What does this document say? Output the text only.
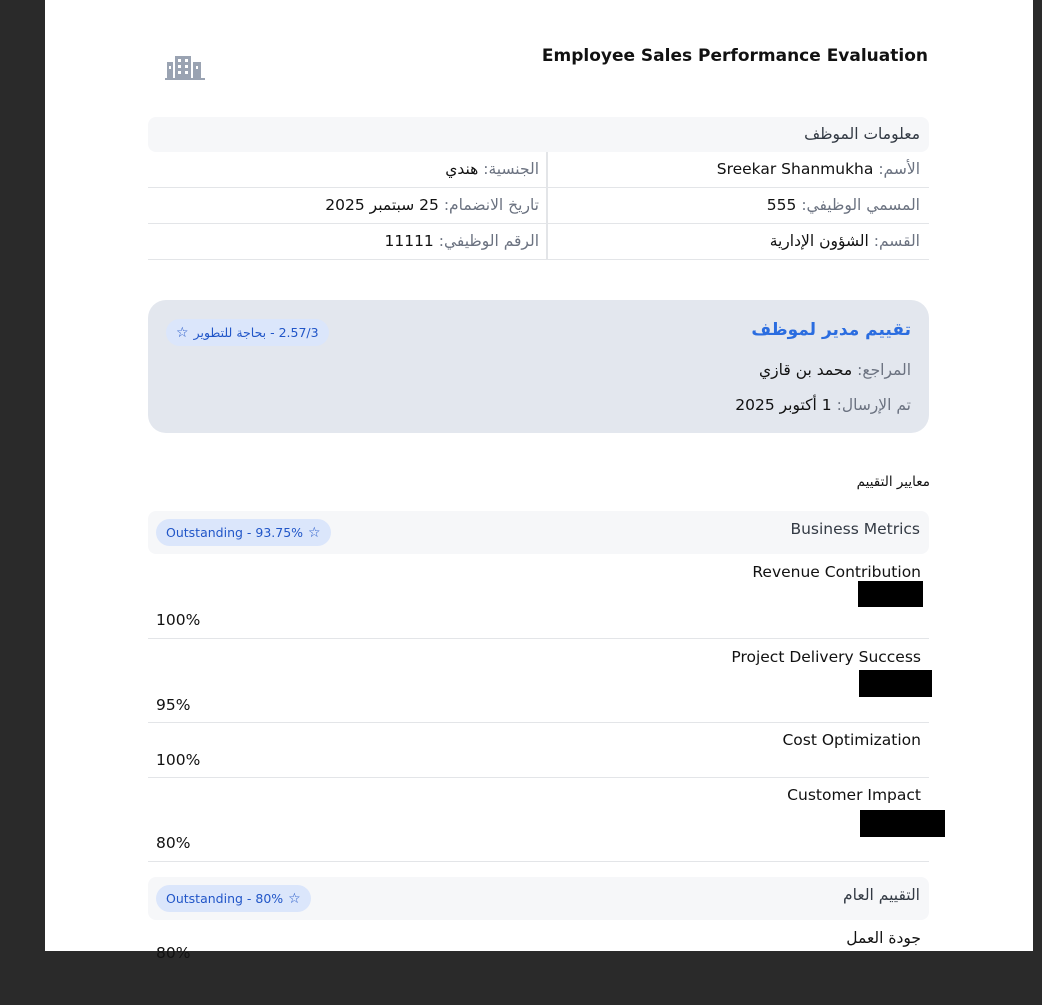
Employee Sales Performance Evaluation
معلومات الموظف
الأسم: Sreekar Shanmukha
الجنسية: هندي
المسمي الوظيفي: 555
تاريخ الانضمام: 25 سبتمبر 2025
القسم: الشؤون الإدارية
الرقم الوظيفي: 11111
تقييم مدير لموظف
☆ 2.57/3 - بحاجة للتطوير
المراجع: محمد بن قازي
تم الإرسال: 1 أكتوبر 2025
معايير التقييم
Business Metrics
Outstanding - 93.75% ☆
Revenue Contribution
100%
Project Delivery Success
95%
Cost Optimization
100%
Customer Impact
80%
التقييم العام
Outstanding - 80% ☆
جودة العمل
80%
